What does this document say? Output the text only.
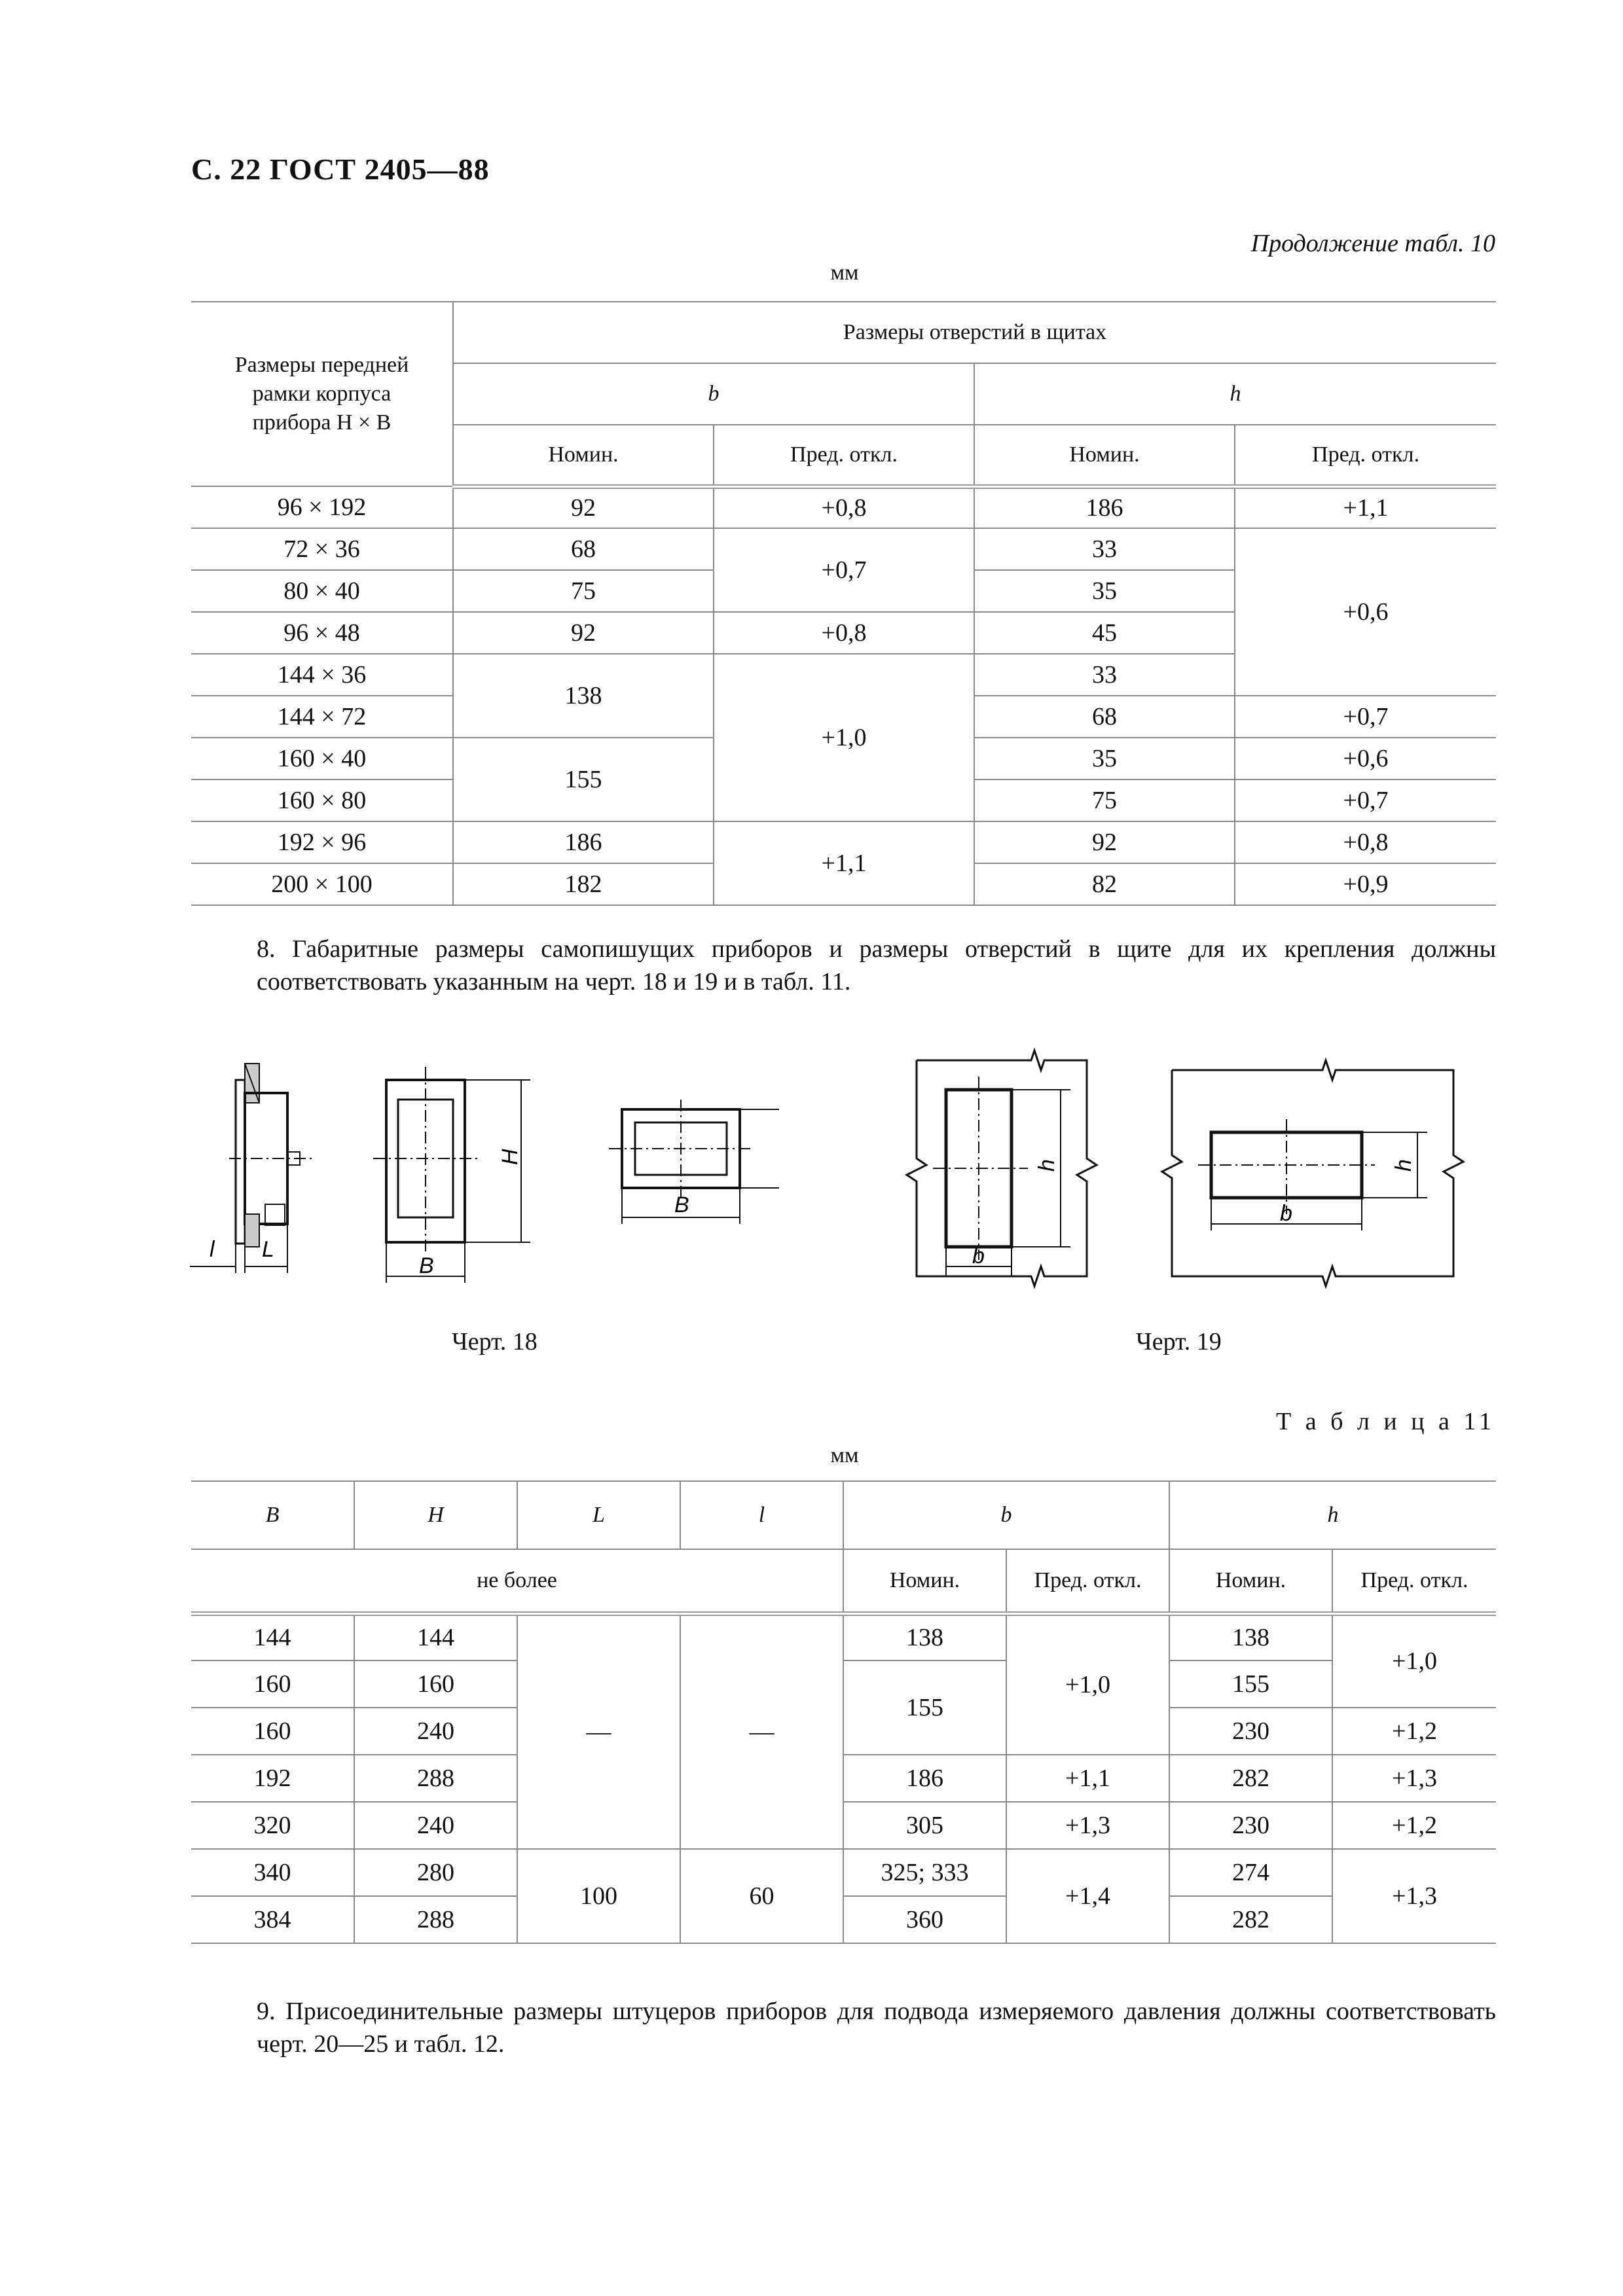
С. 22 ГОСТ 2405—88
Продолжение табл. 10
мм
Размеры передней рамки корпуса прибора H × B	Размеры отверстий в щитах			
	b		h	
	Номин.	Пред. откл.	Номин.	Пред. откл.
96 × 192	92	+0,8	186	+1,1
72 × 36	68	+0,7	33	+0,6
80 × 40	75		35	
96 × 48	92	+0,8	45	
144 × 36	138	+1,0	33	
144 × 72			68	+0,7
160 × 40	155		35	+0,6
160 × 80			75	+0,7
192 × 96	186	+1,1	92	+0,8
200 × 100	182		82	+0,9
8. Габаритные размеры самопишущих приборов и размеры отверстий в щите для их крепления должны соответствовать указанным на черт. 18 и 19 и в табл. 11.
l L
H
B
B
h
b
h
b
Черт. 18	Черт. 19
Т а б л и ц а 11
мм
B	H	L	l	b		h	
не более				Номин.	Пред. откл.	Номин.	Пред. откл.
144	144	—	—	138	+1,0	138	+1,0
160	160			155		155	
160	240					230	+1,2
192	288			186	+1,1	282	+1,3
320	240			305	+1,3	230	+1,2
340	280	100	60	325; 333	+1,4	274	+1,3
384	288			360		282	
9. Присоединительные размеры штуцеров приборов для подвода измеряемого давления должны соответствовать черт. 20—25 и табл. 12.
